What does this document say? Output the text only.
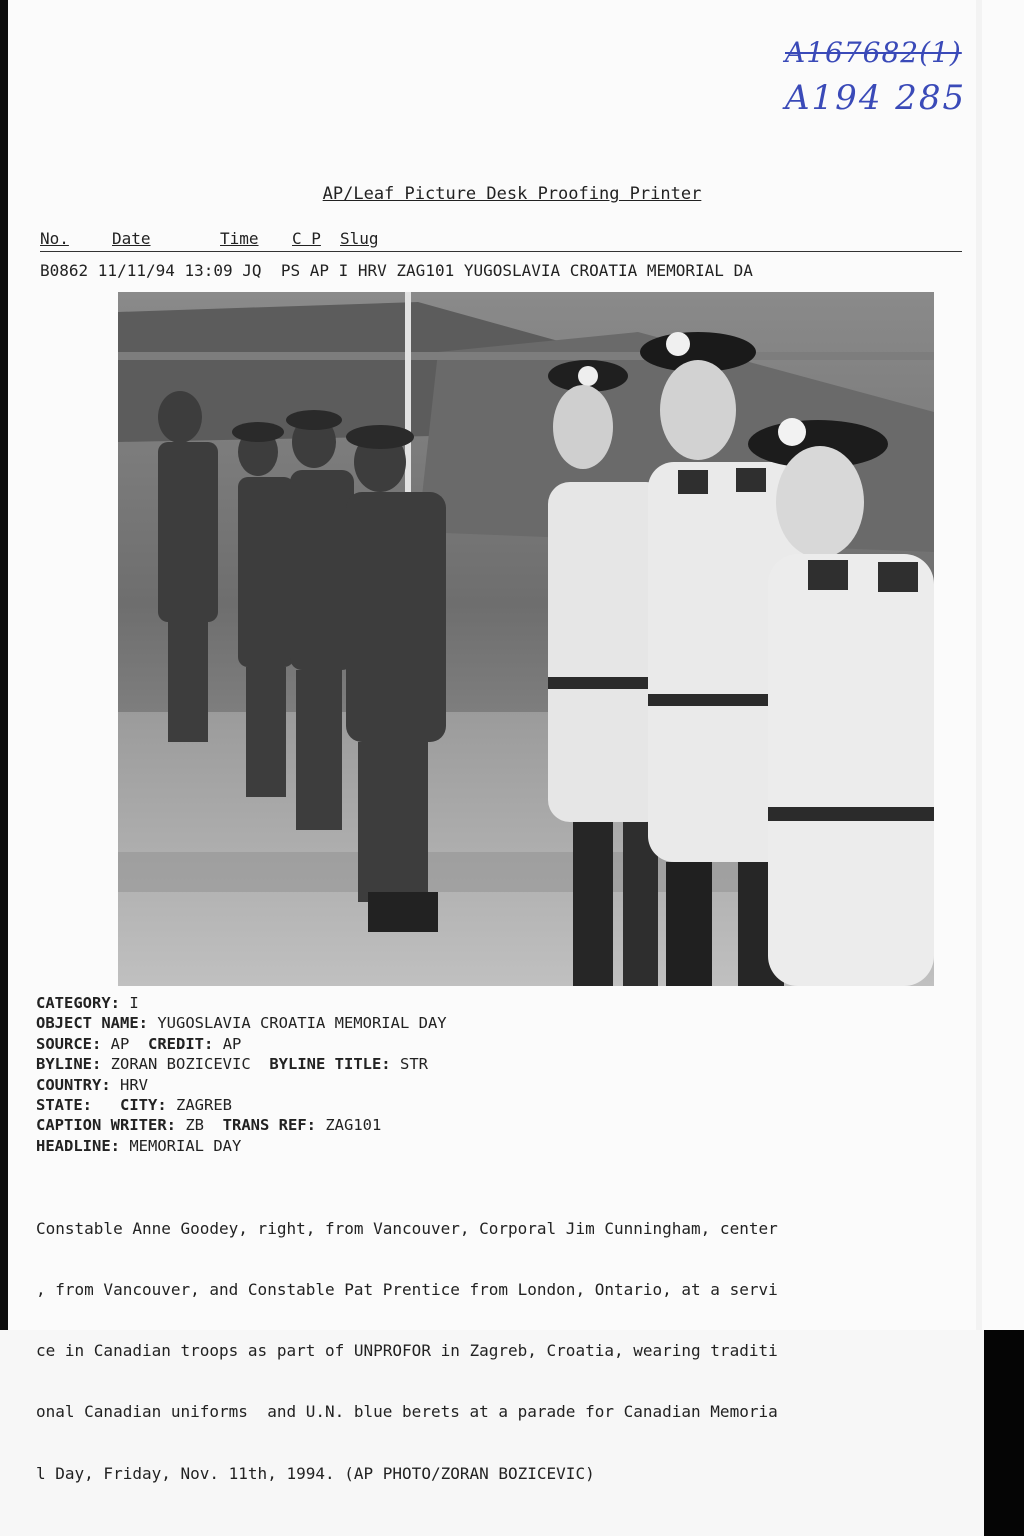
A167682(1)
A194 285
AP/Leaf Picture Desk Proofing Printer
No.	Date	Time C P Slug
B0862 11/11/94 13:09 JQ  PS AP I HRV ZAG101 YUGOSLAVIA CROATIA MEMORIAL DA
CATEGORY: I
OBJECT NAME: YUGOSLAVIA CROATIA MEMORIAL DAY
SOURCE: AP CREDIT: AP
BYLINE: ZORAN BOZICEVIC BYLINE TITLE: STR
COUNTRY: HRV
STATE: CITY: ZAGREB
CAPTION WRITER: ZB TRANS REF: ZAG101
HEADLINE: MEMORIAL DAY

Constable Anne Goodey, right, from Vancouver, Corporal Jim Cunningham, center

, from Vancouver, and Constable Pat Prentice from London, Ontario, at a servi

ce in Canadian troops as part of UNPROFOR in Zagreb, Croatia, wearing traditi

onal Canadian uniforms  and U.N. blue berets at a parade for Canadian Memoria

l Day, Friday, Nov. 11th, 1994. (AP PHOTO/ZORAN BOZICEVIC)
